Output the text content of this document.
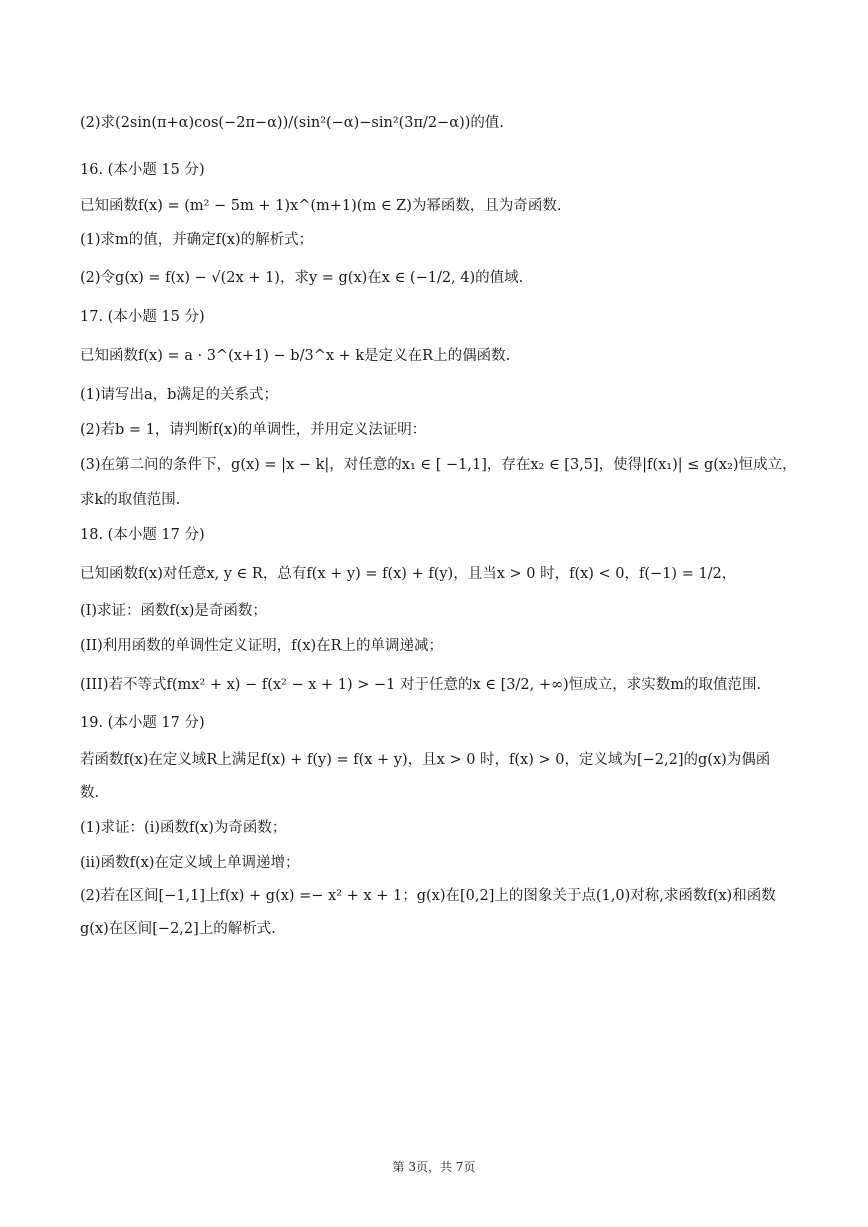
(2)求(2sin(π+α)cos(−2π−α))/(sin²(−α)−sin²(3π/2−α))的值.
16. (本小题 15 分)
已知函数f(x) = (m² − 5m + 1)x^(m+1)(m ∈ Z)为幂函数，且为奇函数.
(1)求m的值，并确定f(x)的解析式；
(2)令g(x) = f(x) − √(2x + 1)，求y = g(x)在x ∈ (−1/2, 4)的值域.
17. (本小题 15 分)
已知函数f(x) = a · 3^(x+1) − b/3^x + k是定义在R上的偶函数.
(1)请写出a，b满足的关系式；
(2)若b = 1，请判断f(x)的单调性，并用定义法证明：
(3)在第二问的条件下，g(x) = |x − k|，对任意的x₁ ∈ [ −1,1]，存在x₂ ∈ [3,5]，使得|f(x₁)| ≤ g(x₂)恒成立，
求k的取值范围.
18. (本小题 17 分)
已知函数f(x)对任意x, y ∈ R，总有f(x + y) = f(x) + f(y)，且当x > 0 时，f(x) < 0，f(−1) = 1/2，
(I)求证：函数f(x)是奇函数；
(II)利用函数的单调性定义证明，f(x)在R上的单调递减；
(III)若不等式f(mx² + x) − f(x² − x + 1) > −1 对于任意的x ∈ [3/2, +∞)恒成立，求实数m的取值范围.
19. (本小题 17 分)
若函数f(x)在定义域R上满足f(x) + f(y) = f(x + y)，且x > 0 时，f(x) > 0，定义域为[−2,2]的g(x)为偶函
数.
(1)求证：(i)函数f(x)为奇函数；
(ii)函数f(x)在定义域上单调递增；
(2)若在区间[−1,1]上f(x) + g(x) =− x² + x + 1；g(x)在[0,2]上的图象关于点(1,0)对称,求函数f(x)和函数
g(x)在区间[−2,2]上的解析式.
第 3页，共 7页
